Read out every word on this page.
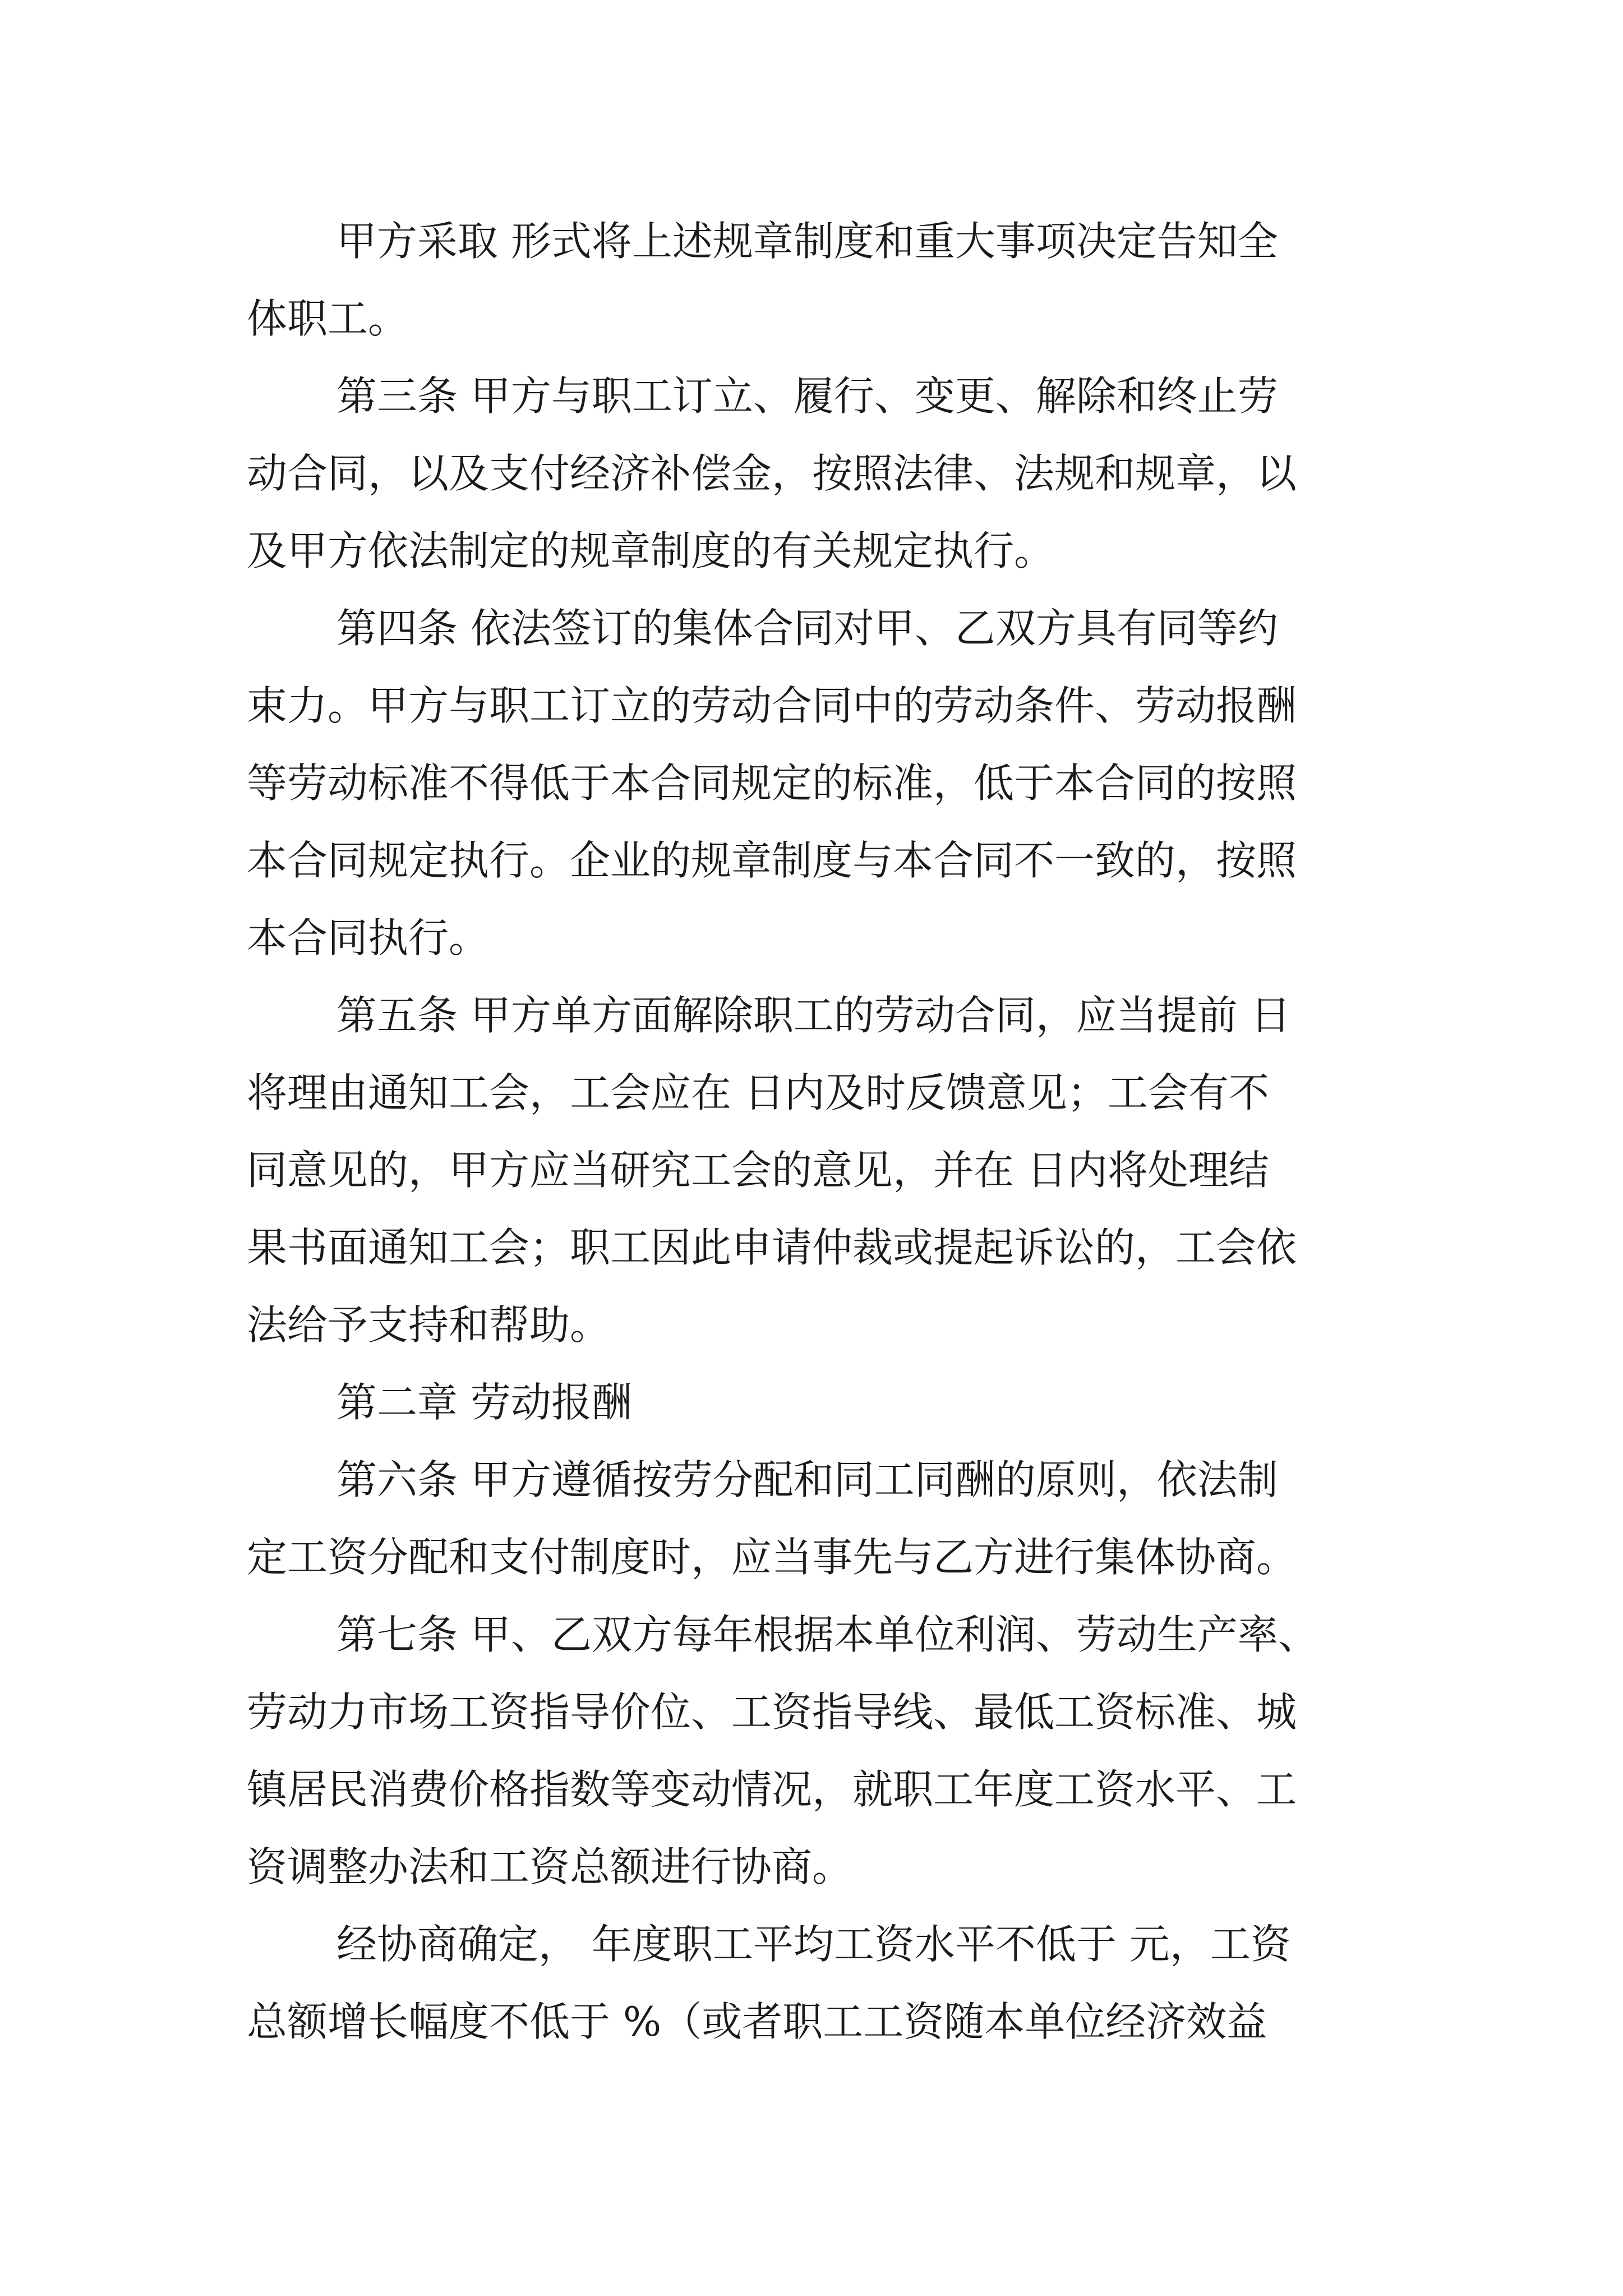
甲方采取 形式将上述规章制度和重大事项决定告知全
体职工。
第三条 甲方与职工订立、履行、变更、解除和终止劳
动合同，以及支付经济补偿金，按照法律、法规和规章，以
及甲方依法制定的规章制度的有关规定执行。
第四条 依法签订的集体合同对甲、乙双方具有同等约
束力。甲方与职工订立的劳动合同中的劳动条件、劳动报酬
等劳动标准不得低于本合同规定的标准，低于本合同的按照
本合同规定执行。企业的规章制度与本合同不一致的，按照
本合同执行。
第五条 甲方单方面解除职工的劳动合同，应当提前 日
将理由通知工会，工会应在 日内及时反馈意见；工会有不
同意见的，甲方应当研究工会的意见，并在 日内将处理结
果书面通知工会；职工因此申请仲裁或提起诉讼的，工会依
法给予支持和帮助。
第二章 劳动报酬
第六条 甲方遵循按劳分配和同工同酬的原则，依法制
定工资分配和支付制度时，应当事先与乙方进行集体协商。
第七条 甲、乙双方每年根据本单位利润、劳动生产率、
劳动力市场工资指导价位、工资指导线、最低工资标准、城
镇居民消费价格指数等变动情况，就职工年度工资水平、工
资调整办法和工资总额进行协商。
经协商确定， 年度职工平均工资水平不低于 元，工资
总额增长幅度不低于 %（或者职工工资随本单位经济效益
